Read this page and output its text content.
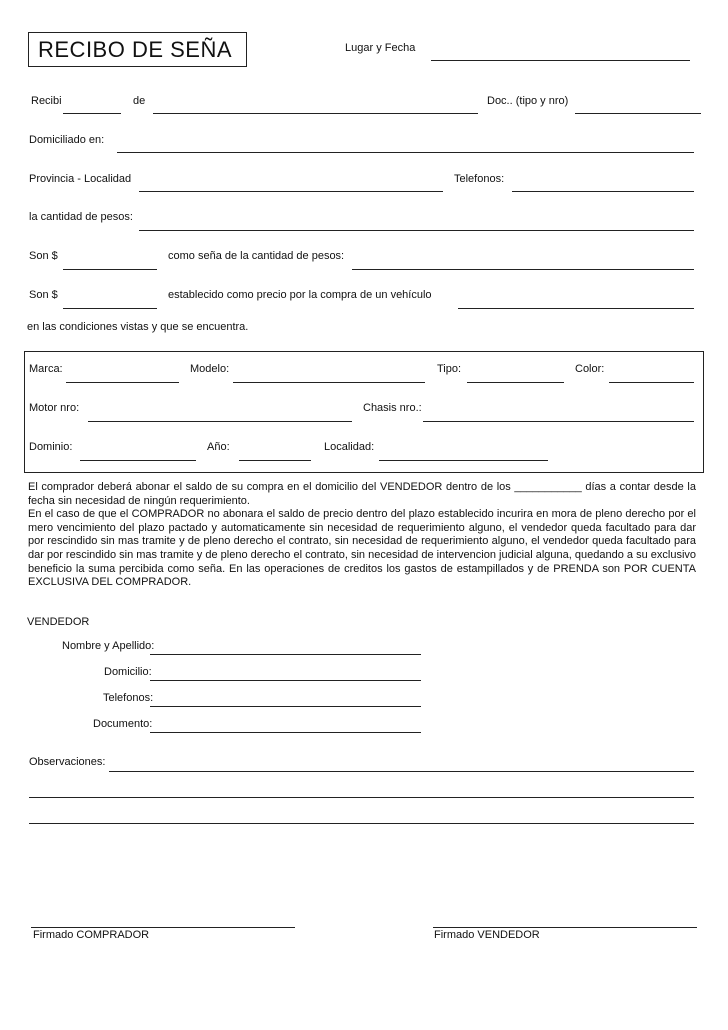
RECIBO DE SEÑA	Lugar y Fecha
Recibi	de	Doc.. (tipo y nro)
Domiciliado en:
Provincia - Localidad	Telefonos:
la cantidad de pesos:
Son $	como seña de la cantidad de pesos:
Son $	establecido como precio por la compra de un vehículo
en las condiciones vistas y que se encuentra.
Marca:	Modelo:	Tipo:	Color:
Motor nro:	Chasis nro.:
Dominio:	Año:	Localidad:

El comprador deberá abonar el saldo de su compra en el domicilio del VENDEDOR dentro de los ___________ días a contar desde la fecha sin necesidad de ningún requerimiento.

En el caso de que el COMPRADOR no abonara el saldo de precio dentro del plazo establecido incurira en mora de pleno derecho por el mero vencimiento del plazo pactado y automaticamente sin necesidad de requerimiento alguno, el vendedor queda facultado para dar por rescindido sin mas tramite y de pleno derecho el contrato, sin necesidad de requerimiento alguno, el vendedor queda facultado para dar por rescindido sin mas tramite y de pleno derecho el contrato, sin necesidad de intervencion judicial alguna, quedando a su exclusivo beneficio la suma percibida como seña. En las operaciones de creditos los gastos de estampillados y de PRENDA son POR CUENTA EXCLUSIVA DEL COMPRADOR.

VENDEDOR
Nombre y Apellido:
Domicilio:
Telefonos:
Documento:
Observaciones:
Firmado COMPRADOR	Firmado VENDEDOR
